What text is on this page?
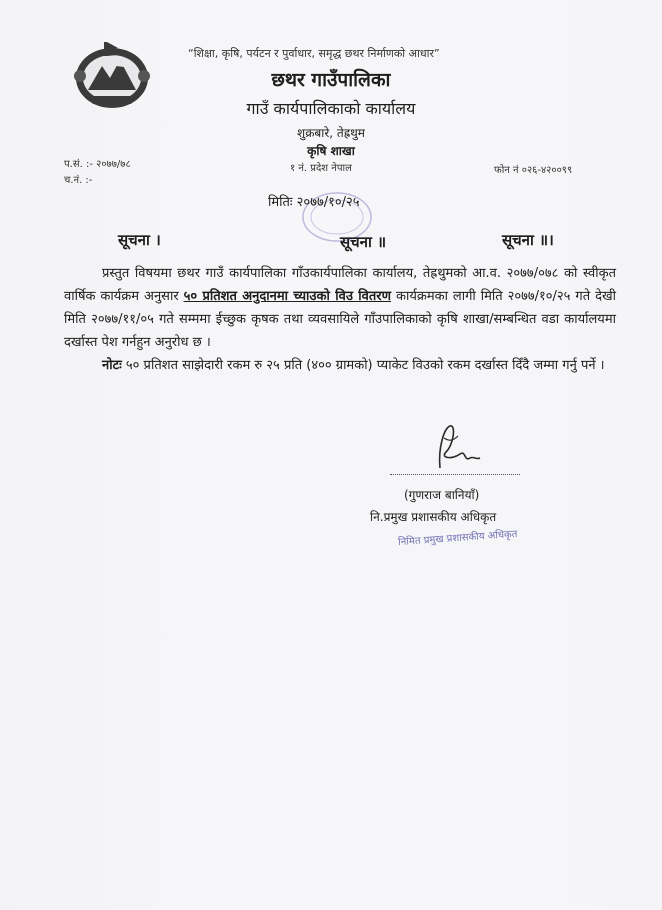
“शिक्षा, कृषि, पर्यटन र पुर्वाधार, समृद्ध छथर निर्माणको आधार”
छथर गाउँपालिका
गाउँ कार्यपालिकाको कार्यालय
शुक्रबारे, तेह्रथुम
कृषि शाखा
प.सं. :- २०७७/७८
च.नं. :-
१ नं. प्रदेश नेपाल	फोन नं ०२६-४२००९९
मितिः २०७७/१०/२५
सूचना ।	सूचना ॥	सूचना ॥।

प्रस्तुत विषयमा छथर गाउँ कार्यपालिका गाँउकार्यपालिका कार्यालय, तेह्रथुमको आ.व. २०७७/०७८ को स्वीकृत वार्षिक कार्यक्रम अनुसार ५० प्रतिशत अनुदानमा च्याउको विउ वितरण कार्यक्रमका लागी मिति २०७७/१०/२५ गते देखी मिति २०७७/११/०५ गते सम्ममा ईच्छुक कृषक तथा व्यवसायिले गाँउपालिकाको कृषि शाखा/सम्बन्धित वडा कार्यालयमा दर्खास्त पेश गर्नहुन अनुरोध छ ।

नोटः ५० प्रतिशत साझेदारी रकम रु २५ प्रति (४०० ग्रामको) प्याकेट विउको रकम दर्खास्त दिँदै जम्मा गर्नु पर्ने ।

(गुणराज बानियाँ)
नि.प्रमुख प्रशासकीय अधिकृत
निमित प्रमुख प्रशासकीय अधिकृत
